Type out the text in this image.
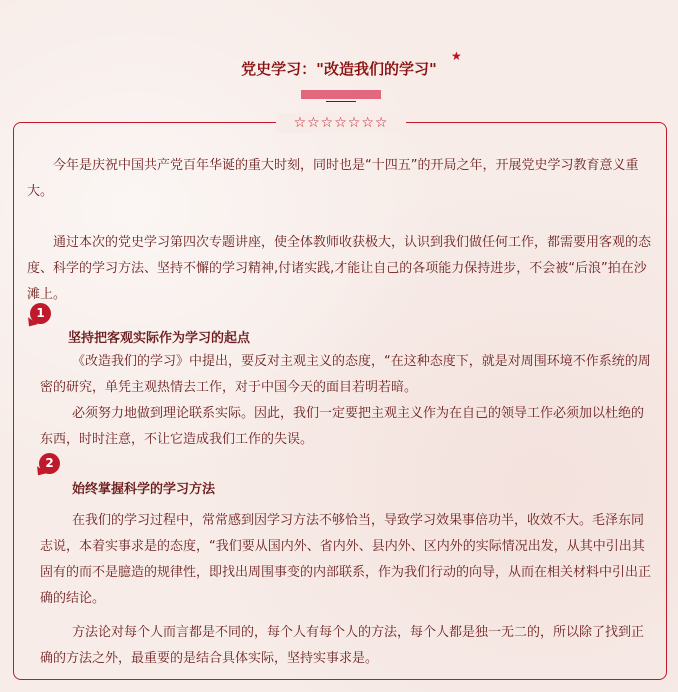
党史学习："改造我们的学习"
★
☆☆☆☆☆☆☆

今年是庆祝中国共产党百年华诞的重大时刻，同时也是“十四五”的开局之年，开展党史学习教育意义重大。

通过本次的党史学习第四次专题讲座，使全体教师收获极大，认识到我们做任何工作，都需要用客观的态度、科学的学习方法、坚持不懈的学习精神,付诸实践,才能让自己的各项能力保持进步，不会被“后浪”拍在沙滩上。

1

坚持把客观实际作为学习的起点

《改造我们的学习》中提出，要反对主观主义的态度，“在这种态度下，就是对周围环境不作系统的周密的研究，单凭主观热情去工作，对于中国今天的面目若明若暗。

必须努力地做到理论联系实际。因此，我们一定要把主观主义作为在自己的领导工作必须加以杜绝的东西，时时注意，不让它造成我们工作的失误。

2

始终掌握科学的学习方法

在我们的学习过程中，常常感到因学习方法不够恰当，导致学习效果事倍功半，收效不大。毛泽东同志说，本着实事求是的态度，“我们要从国内外、省内外、县内外、区内外的实际情况出发，从其中引出其固有的而不是臆造的规律性，即找出周围事变的内部联系，作为我们行动的向导，从而在相关材料中引出正确的结论。

方法论对每个人而言都是不同的，每个人有每个人的方法，每个人都是独一无二的，所以除了找到正确的方法之外，最重要的是结合具体实际，坚持实事求是。
